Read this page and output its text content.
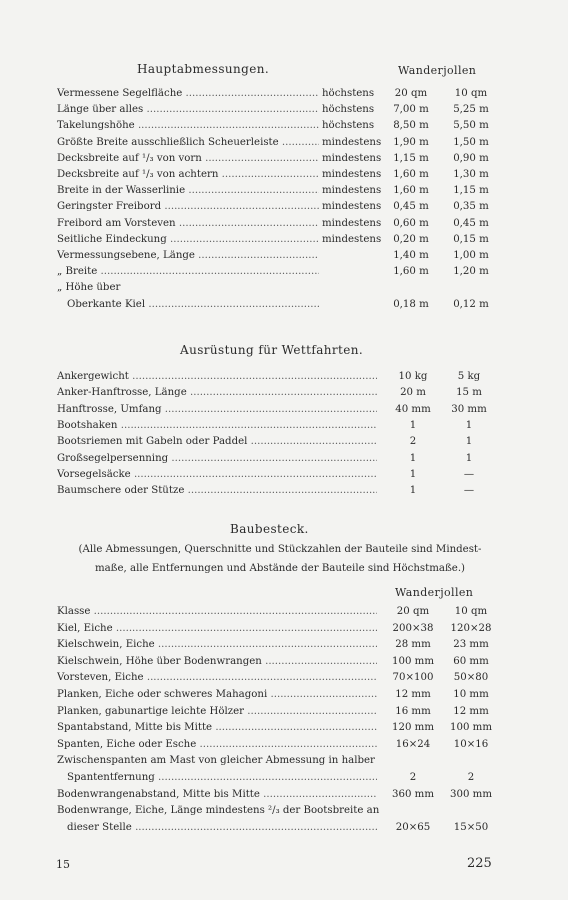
Hauptabmessungen.	Wanderjollen
Vermessene Segelfläche .....	höchstens	20 qm	10 qm
Länge über alles .....	höchstens	7,00 m	5,25 m
Takelungshöhe .....	höchstens	8,50 m	5,50 m
Größte Breite ausschließlich Scheuerleiste .....	mindestens	1,90 m	1,50 m
Decksbreite auf ¹/₃ von vorn .....	mindestens	1,15 m	0,90 m
Decksbreite auf ¹/₃ von achtern .....	mindestens	1,60 m	1,30 m
Breite in der Wasserlinie .....	mindestens	1,60 m	1,15 m
Geringster Freibord .....	mindestens	0,45 m	0,35 m
Freibord am Vorsteven .....	mindestens	0,60 m	0,45 m
Seitliche Eindeckung .....	mindestens	0,20 m	0,15 m
Vermessungsebene, Länge .....	1,40 m	1,00 m
„ Breite .....	1,60 m	1,20 m
„ Höhe über
Oberkante Kiel .....	0,18 m	0,12 m
Ausrüstung für Wettfahrten.
Ankergewicht .....	10 kg	5 kg
Anker-Hanftrosse, Länge .....	20 m	15 m
Hanftrosse, Umfang .....	40 mm	30 mm
Bootshaken .....	1	1
Bootsriemen mit Gabeln oder Paddel .....	2	1
Großsegelpersenning .....	1	1
Vorsegelsäcke .....	1	—
Baumschere oder Stütze .....	1	—
Baubesteck.
(Alle Abmessungen, Querschnitte und Stückzahlen der Bauteile sind Mindest-
maße, alle Entfernungen und Abstände der Bauteile sind Höchstmaße.)
Wanderjollen
Klasse .....	20 qm	10 qm
Kiel, Eiche .....	200×38	120×28
Kielschwein, Eiche .....	28 mm	23 mm
Kielschwein, Höhe über Bodenwrangen .....	100 mm	60 mm
Vorsteven, Eiche .....	70×100	50×80
Planken, Eiche oder schweres Mahagoni .....	12 mm	10 mm
Planken, gabunartige leichte Hölzer .....	16 mm	12 mm
Spantabstand, Mitte bis Mitte .....	120 mm	100 mm
Spanten, Eiche oder Esche .....	16×24	10×16
Zwischenspanten am Mast von gleicher Abmessung in halber
Spantentfernung .....	2	2
Bodenwrangenabstand, Mitte bis Mitte .....	360 mm	300 mm
Bodenwrange, Eiche, Länge mindestens ²/₃ der Bootsbreite an
dieser Stelle .....	20×65	15×50
15	225
